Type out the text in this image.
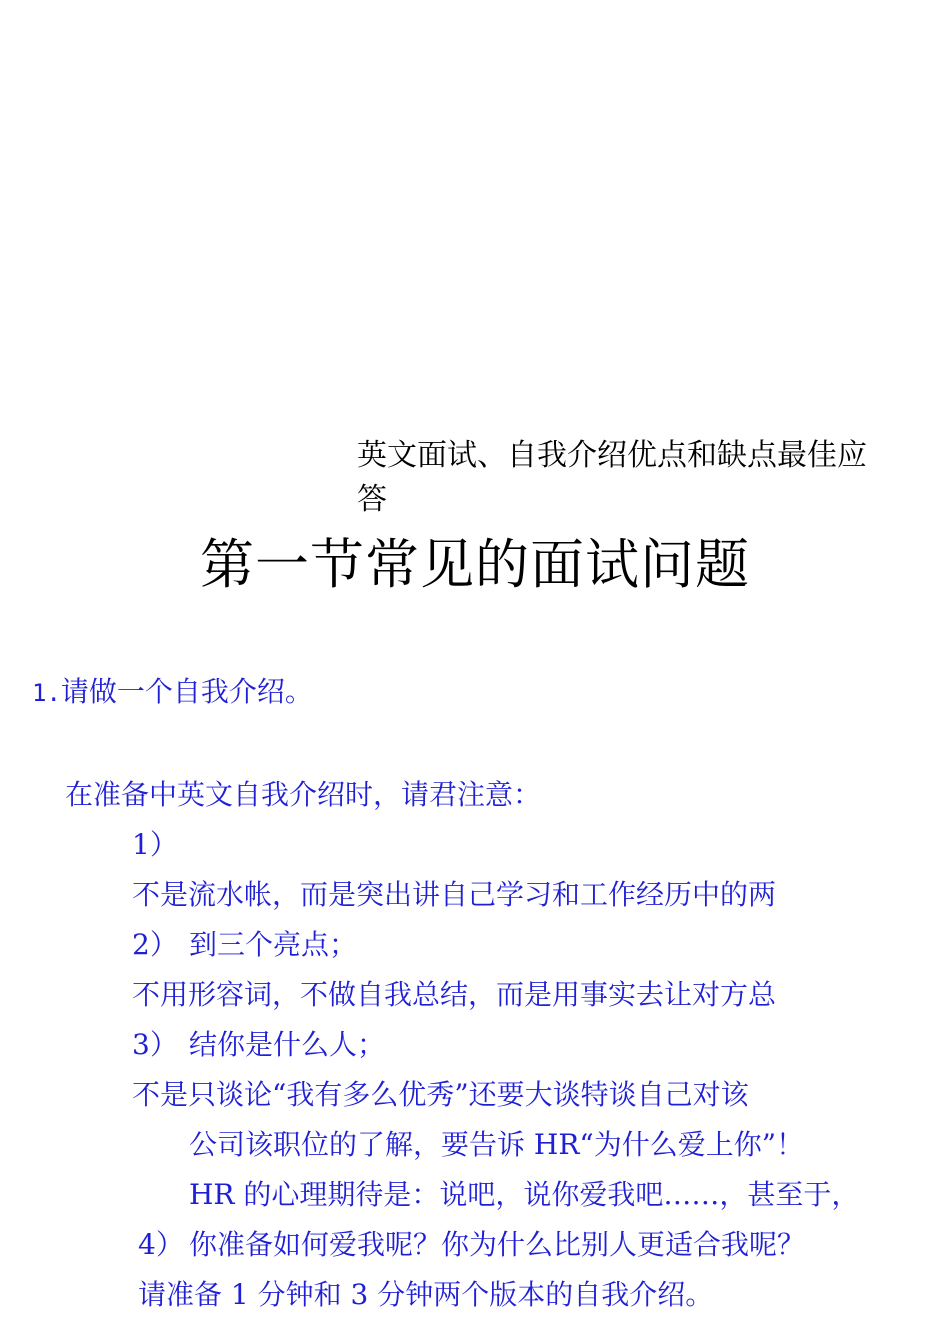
英文面试、自我介绍优点和缺点最佳应
答
第一节常见的面试问题
1.请做一个自我介绍。
在准备中英文自我介绍时，请君注意：
1）
不是流水帐，而是突出讲自己学习和工作经历中的两
到三个亮点；
2）
不用形容词，不做自我总结，而是用事实去让对方总
结你是什么人；
3）
不是只谈论“我有多么优秀”还要大谈特谈自己对该
公司该职位的了解，要告诉 HR“为什么爱上你”！
HR 的心理期待是：说吧，说你爱我吧……，甚至于，
你准备如何爱我呢？你为什么比别人更适合我呢？
4）
请准备 1 分钟和 3 分钟两个版本的自我介绍。
